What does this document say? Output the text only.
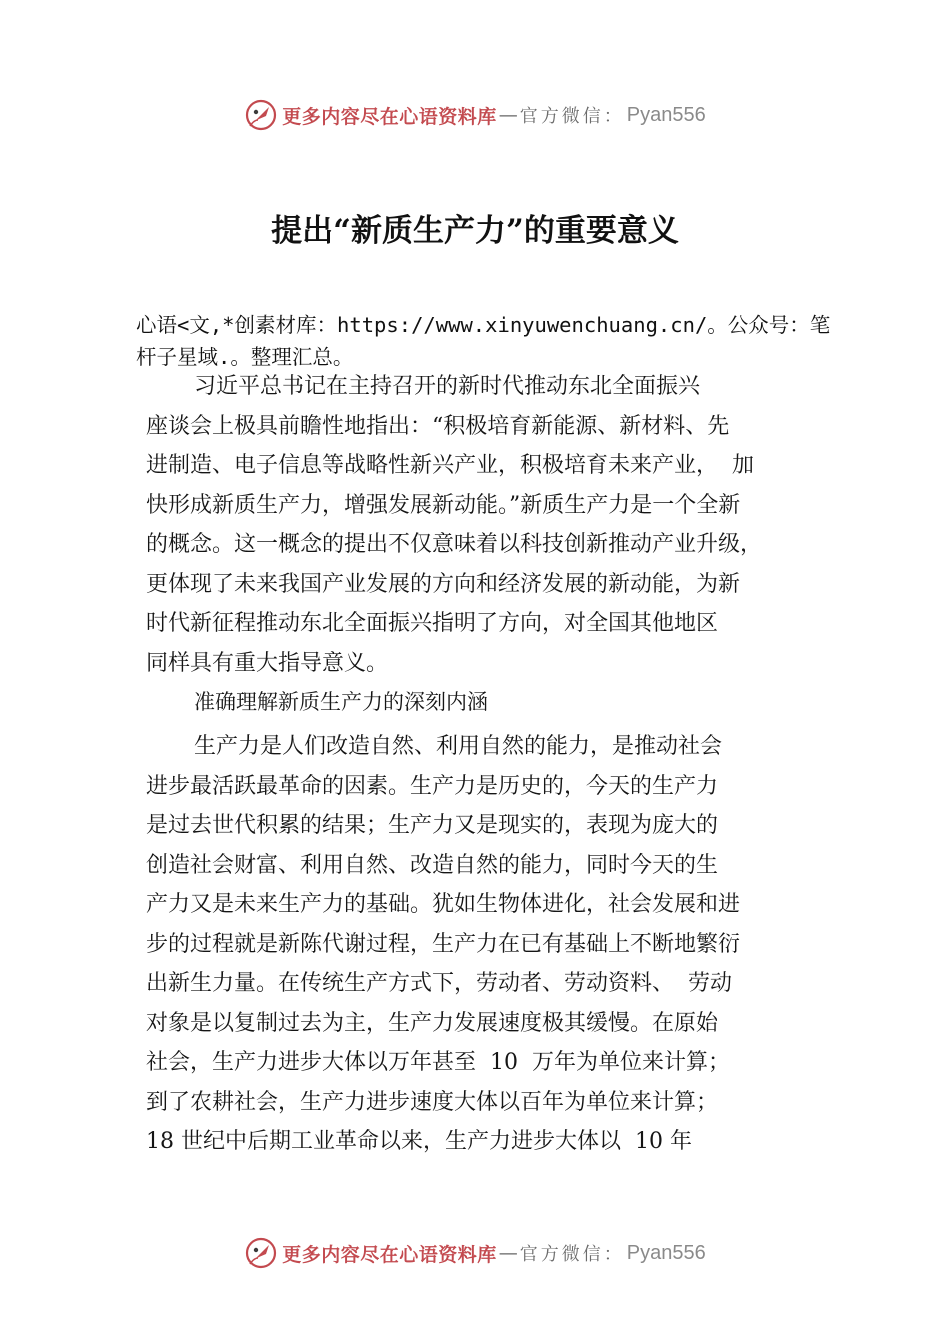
更多内容尽在心语资料库 — 官方微信： Pyan556
提出“新质生产力”的重要意义
心语<文,*创素材库：https://www.xinyuwenchuang.cn/。公众号：笔杆子星域.。整理汇总。
习近平总书记在主持召开的新时代推动东北全面振兴
座谈会上极具前瞻性地指出：“积极培育新能源、新材料、先
进制造、电子信息等战略性新兴产业，积极培育未来产业，  加
快形成新质生产力，增强发展新动能。”新质生产力是一个全新
的概念。这一概念的提出不仅意味着以科技创新推动产业升级，
更体现了未来我国产业发展的方向和经济发展的新动能，为新
时代新征程推动东北全面振兴指明了方向，对全国其他地区
同样具有重大指导意义。
准确理解新质生产力的深刻内涵
生产力是人们改造自然、利用自然的能力，是推动社会
进步最活跃最革命的因素。生产力是历史的，今天的生产力
是过去世代积累的结果；生产力又是现实的，表现为庞大的
创造社会财富、利用自然、改造自然的能力，同时今天的生
产力又是未来生产力的基础。犹如生物体进化，社会发展和进
步的过程就是新陈代谢过程，生产力在已有基础上不断地繁衍
出新生力量。在传统生产方式下，劳动者、劳动资料、  劳动
对象是以复制过去为主，生产力发展速度极其缓慢。在原始
社会，生产力进步大体以万年甚至  10  万年为单位来计算；
到了农耕社会，生产力进步速度大体以百年为单位来计算；
18 世纪中后期工业革命以来，生产力进步大体以  10 年
更多内容尽在心语资料库 — 官方微信： Pyan556
